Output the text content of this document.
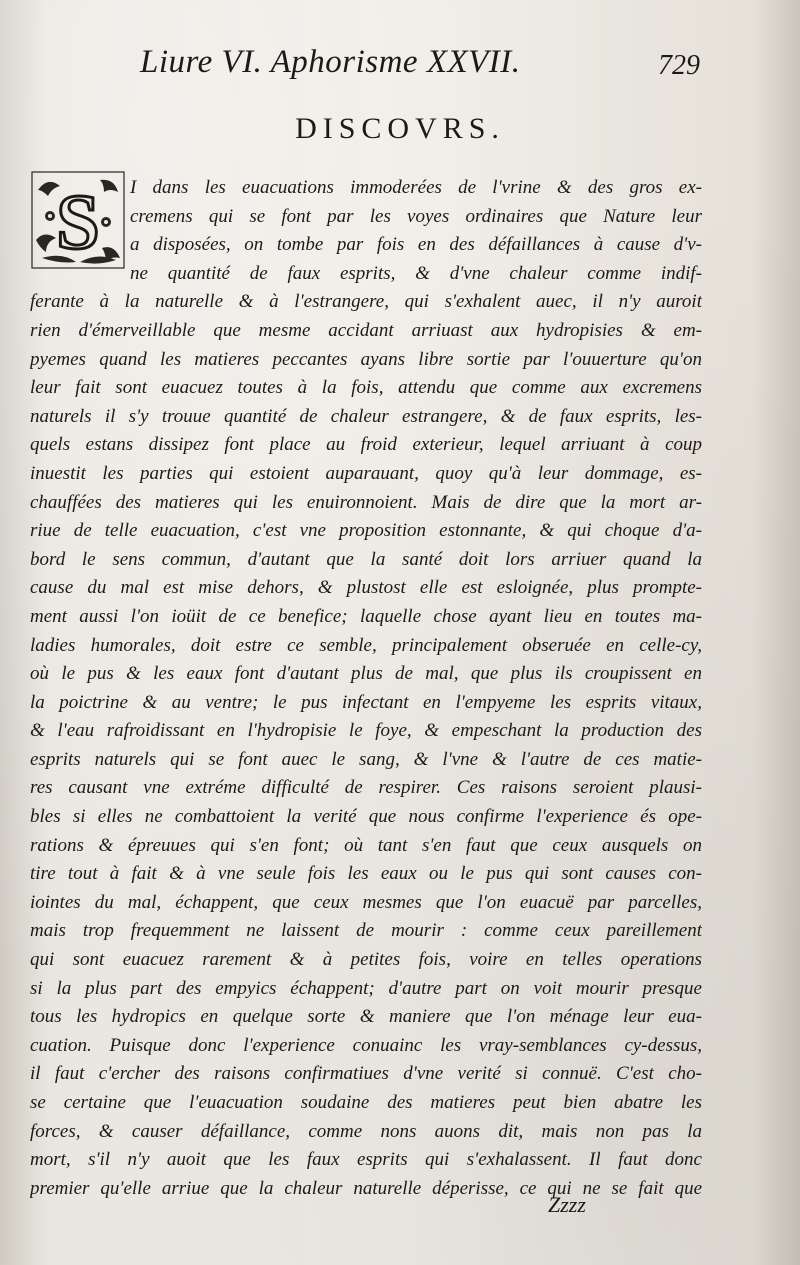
Liure VI. Aphorisme XXVII.	729
DISCOVRS.
S	I dans les euacuations immoderées de l'vrine & des gros ex-
cremens qui se font par les voyes ordinaires que Nature leur
a disposées, on tombe par fois en des défaillances à cause d'v-
ne quantité de faux esprits, & d'vne chaleur comme indif-
ferante à la naturelle & à l'estrangere, qui s'exhalent auec, il n'y auroit
rien d'émerveillable que mesme accidant arriuast aux hydropisies & em-
pyemes quand les matieres peccantes ayans libre sortie par l'ouuerture qu'on
leur fait sont euacuez toutes à la fois, attendu que comme aux excremens
naturels il s'y trouue quantité de chaleur estrangere, & de faux esprits, les-
quels estans dissipez font place au froid exterieur, lequel arriuant à coup
inuestit les parties qui estoient auparauant, quoy qu'à leur dommage, es-
chauffées des matieres qui les enuironnoient. Mais de dire que la mort ar-
riue de telle euacuation, c'est vne proposition estonnante, & qui choque d'a-
bord le sens commun, d'autant que la santé doit lors arriuer quand la
cause du mal est mise dehors, & plustost elle est esloignée, plus prompte-
ment aussi l'on ioüit de ce benefice; laquelle chose ayant lieu en toutes ma-
ladies humorales, doit estre ce semble, principalement obseruée en celle-cy,
où le pus & les eaux font d'autant plus de mal, que plus ils croupissent en
la poictrine & au ventre; le pus infectant en l'empyeme les esprits vitaux,
& l'eau rafroidissant en l'hydropisie le foye, & empeschant la production des
esprits naturels qui se font auec le sang, & l'vne & l'autre de ces matie-
res causant vne extréme difficulté de respirer. Ces raisons seroient plausi-
bles si elles ne combattoient la verité que nous confirme l'experience és ope-
rations & épreuues qui s'en font; où tant s'en faut que ceux ausquels on
tire tout à fait & à vne seule fois les eaux ou le pus qui sont causes con-
iointes du mal, échappent, que ceux mesmes que l'on euacuë par parcelles,
mais trop frequemment ne laissent de mourir : comme ceux pareillement
qui sont euacuez rarement & à petites fois, voire en telles operations
si la plus part des empyics échappent; d'autre part on voit mourir presque
tous les hydropics en quelque sorte & maniere que l'on ménage leur eua-
cuation. Puisque donc l'experience conuainc les vray-semblances cy-dessus,
il faut c'ercher des raisons confirmatiues d'vne verité si connuë. C'est cho-
se certaine que l'euacuation soudaine des matieres peut bien abatre les
forces, & causer défaillance, comme nons auons dit, mais non pas la
mort, s'il n'y auoit que les faux esprits qui s'exhalassent. Il faut donc
premier qu'elle arriue que la chaleur naturelle déperisse, ce qui ne se fait que
Zzzz
